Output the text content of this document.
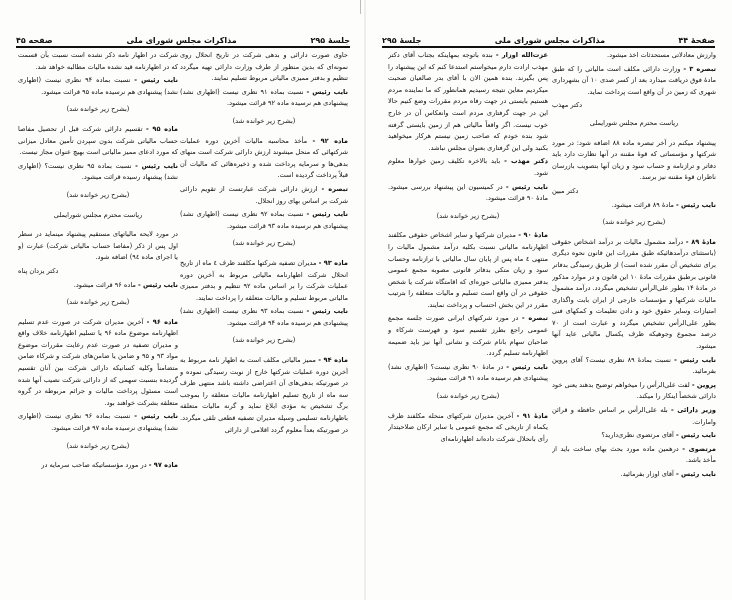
جلسهٔ ۲۹۵
مذاکرات مجلس شورای ملی
صفحه ۴۵
حاوی صورت دارائی و بدهی شرکت در تاریخ انحلال روی نمونه‌ای که بدین منظور از طرف وزارت دارائی تهیه میگردد تنظیم و بدفتر ممیزی مالیاتی مربوط تسلیم نمایند.
نایب رئیس - نسبت بماده ۹۱ نظری نیست (اظهاری نشد) پیشنهادی هم نرسیده ماده ۹۲ قرائت میشود.
(بشرح زیر خوانده شد)
ماده ۹۲ - مأخذ محاسبه مالیات آخرین دوره عملیات شرکتهائی که منحل میشوند ارزش دارائی شرکت است منهای بدهی‌ها و سرمایه پرداخت شده و ذخیره‌هائی که مالیات آن قبلاً پرداخت گردیده است.
تبصره - ارزش دارائی شرکت عبارتست از تقویم دارائی شرکت بر اساس بهای روز انحلال.
نایب رئیس - نسبت بماده ۹۲ نظری نیست (اظهاری نشد) پیشنهادی هم نرسیده ماده ۹۳ قرائت میشود.
(بشرح زیر خوانده شد)
ماده ۹۳ - مدیران تصفیه شرکتها مکلفند ظرف ٤ ماه از تاریخ انحلال شرکت اظهارنامه مالیاتی مربوط به آخرین دوره عملیات شرکت را بر اساس ماده ۹۲ تنظیم و بدفتر ممیزی مالیاتی مربوط تسلیم و مالیات متعلقه را پرداخت نمایند.
نایب رئیس - نسبت بماده ۹۳ نظری نیست (اظهاری نشد) پیشنهادی هم نرسیده ماده ۹۴ قرائت میشود.
(بشرح زیر خوانده شد)
ماده ۹۴ - ممیز مالیاتی مکلف است به اظهار نامه مربوط به آخرین دوره عملیات شرکتها خارج از نوبت رسیدگی نموده و در صورتیکه بدهی‌های آن اعتراضی داشته باشد منتهی ظرف سه ماه از تاریخ تسلیم اظهارنامه مالیات متعلقه را بموجب برگ تشخیص به مؤدی ابلاغ نماید و گرنه مالیات متعلقه باظهارنامه تسلیمی وسیله مدیران تصفیه قطعی تلقی میگردد. در صورتیکه بعداً معلوم گردد اقلامی از دارائی
شرکت در اظهار نامه ذکر نشده است نسبت بآن قسمت که در اظهارنامه قید نشده مالیات مطالبه خواهد شد.
نایب رئیس - نسبت بماده ۹۴ نظری نیست (اظهاری نشد) پیشنهادی هم نرسیده ماده ۹۵ قرائت میشود.
(بشرح زیر خوانده شد)
ماده ۹۵ - تقسیم دارائی شرکت قبل از تحصیل مفاصا حساب مالیاتی شرکت بدون سپردن تأمین معادل میزانی که مورد ادعای ممیز مالیاتی است بهیچ عنوان مجاز نیست.
نایب رئیس - نسبت بماده ۹۵ نظری نیست؟ (اظهاری نشد) پیشنهاد رسیده قرائت میشود.
(بشرح زیر خوانده شد)
ریاست محترم مجلس شورایملی
در مورد لایحه مالیاتهای مستقیم پیشنهاد مینماید در سطر اول پس از ذکر (مفاصا حساب مالیاتی شرکت) عبارت (و یا اجرای ماده ۹٤) اضافه شود.
دکتر یزدان پناه
نایب رئیس - ماده ۹۶ قرائت میشود.
(بشرح زیر خوانده شد)
ماده ۹۶ - آخرین مدیران شرکت در صورت عدم تسلیم اظهارنامه موضوع ماده ۹۶ یا تسلیم اظهارنامه خلاف واقع و مدیران تصفیه در صورت عدم رعایت مقررات موضوع مواد ۹۳ و ۹۵ و ضامن یا ضامن‌های شرکت و شرکاء ضامن متضامناً وکلیه کسانیکه دارائی شرکت بین آنان تقسیم گردیده بنسبت سهمی که از دارائی شرکت نصیب آنها شده است مسئول پرداخت مالیات و جرائم مربوطه در گروه متعلقه بشرکت خواهند بود.
نایب رئیس - نسبت بماده ۹۶ نظری نیست (اظهاری نشد) پیشنهادی نرسیده ماده ۹۷ قرائت میشود.
(بشرح زیر خوانده شد)
ماده ۹۷ - در مورد مؤسساتیکه صاحب سرمایه در
صفحهٔ ۴۴
مذاکرات مجلس شورای ملی
جلسهٔ ۲۹۵
وارزش معادلاتی مستحدثات اخذ میشود.
تبصره ۳ - وزارت دارائی مکلف است مالیاتی را که طبق مادهٔ فوق دریافت میدارد بعد از کسر صدی ۱۰ آن بشهرداری شهری که زمین در آن واقع است پرداخت نماید.
دکتر مهذب
ریاست محترم مجلس شورایملی
پیشنهاد میکنم در آخر تبصره ماده ۸۸ اضافه شود: در مورد شرکتها و مؤسساتی که قوهٔ مقننه در آنها نظارت دارد باید دفاتر و ترازنامه و حساب سود و زیان آنها بتصویب بازرسان ناظران قوهٔ مقننه نیز برسد.
دکتر مبین
نایب رئیس - مادهٔ ۸۹ قرائت میشود.
(بشرح زیر خوانده شد)
مادهٔ ۸۹ - درآمد مشمول مالیات بر درآمد اشخاص حقوقی (باستثنای درآمدهائیکه طبق مقررات این قانون نحوه دیگری برای تشخیص آن مقرر شده است) از طریق رسیدگی بدفاتر قانونی برطبق مقررات مادهٔ ۱۰ این قانون و در موارد مذکور در مادهٔ ۱۴ بطور علی‌الرأس تشخیص میگردد. درآمد مشمول مالیات شرکتها و مؤسسات خارجی از ایران بابت واگذاری امتیازات وسایر حقوق خود و دادن تعلیمات و کمکهای فنی بطور علی‌الرأس تشخیص میگردد و عبارت است از ۷۰ درصد مجموع وجوهیکه ظرف یکسال مالیاتی عاید آنها میشود.
نایب رئیس - نسبت بمادهٔ ۸۹ نظری نیست؟ آقای پروین بفرمائید.
پروین - لفت علی‌الرأس را میخواهم توضیح بدهند یعنی خود دارائی شخصاً اینکار را میکند.
وزیر دارائی - بله علی‌الرأس بر اساس حافظه و قرائن وامارات.
نایب رئیس - آقای مرتضوی نظری‌دارید؟
مرتضوی - درهمین ماده مورد بحث بهای ساخت باید از مأخذ باشد.
نایب رئیس - آقای اوزار بفرمائید.
عزت‌الله اوزار - بنده باتوجه بمهاینکه بجناب آقای دکتر مهذب ارادت دارم میخواستم استدعا کنم که این پیشنهاد را پس بگیرند. بنده همین الان با آقای بدر صالعیان صحبت میکردیم معاین نتیجه رسیدیم همانطور که ما نماینده مردم هستیم بایستی در جهت رفاه مردم مقررات وضع کنیم حالا این در جهت گرفتاری مردم است وانعکاس آن در خارج خوب نیست. اگر واقعاً مالیاتی هم از زمین بایستی گرفته شود بنده خودم که صاحب زمین نیستم هرکار میخواهید بکنید ولی این گرفتاری بعنوان مجلس نباشد.
دکتر مهذب - باید بالاخره تکلیف زمین خوارها معلوم شود.
نایب رئیس - در کمیسیون این پیشنهاد بررسی میشود. مادهٔ ۹۰ قرائت میشود.
(بشرح زیر خوانده شد)
مادهٔ ۹۰ - مدیران شرکتها و سایر اشخاص حقوقی مکلفند اظهارنامه مالیاتی نسبت بکلیه درآمد مشمول مالیات را منتهی ٤ ماه پس از پایان سال مالیاتی با ترازنامه وحساب سود و زیان متکی بدفاتر قانونی مصوبه مجمع عمومی بدفتر ممیزی مالیاتی حوزه‌ای که اقامتگاه شرکت یا شخص حقوقی در آن واقع است تسلیم و مالیات متعلقه را بترتیب مقرر در این بخش احتساب و پرداخت نمایند.
تبصره - در مورد شرکتهای ایرانی صورت جلسه مجمع عمومی راجع بطرز تقسیم سود و فهرست شرکاء و صاحبان سهام بانام شرکت و نشانی آنها نیز باید ضمیمه اظهارنامه تسلیم گردد.
نایب رئیس - در مادهٔ ۹۰ نظری نیست؟ (اظهاری نشد) پیشنهادی هم نرسیده ماده ۹۱ قرائت میشود.
(بشرح زیر خوانده شد)
مادهٔ ۹۱ - آخرین مدیران شرکتهای منحله مکلفند ظرف یکماه از تاریخی که مجمع عمومی یا سایر ارکان صلاحیتدار رأی بانحلال شرکت داده‌اند اظهارنامه‌ای
